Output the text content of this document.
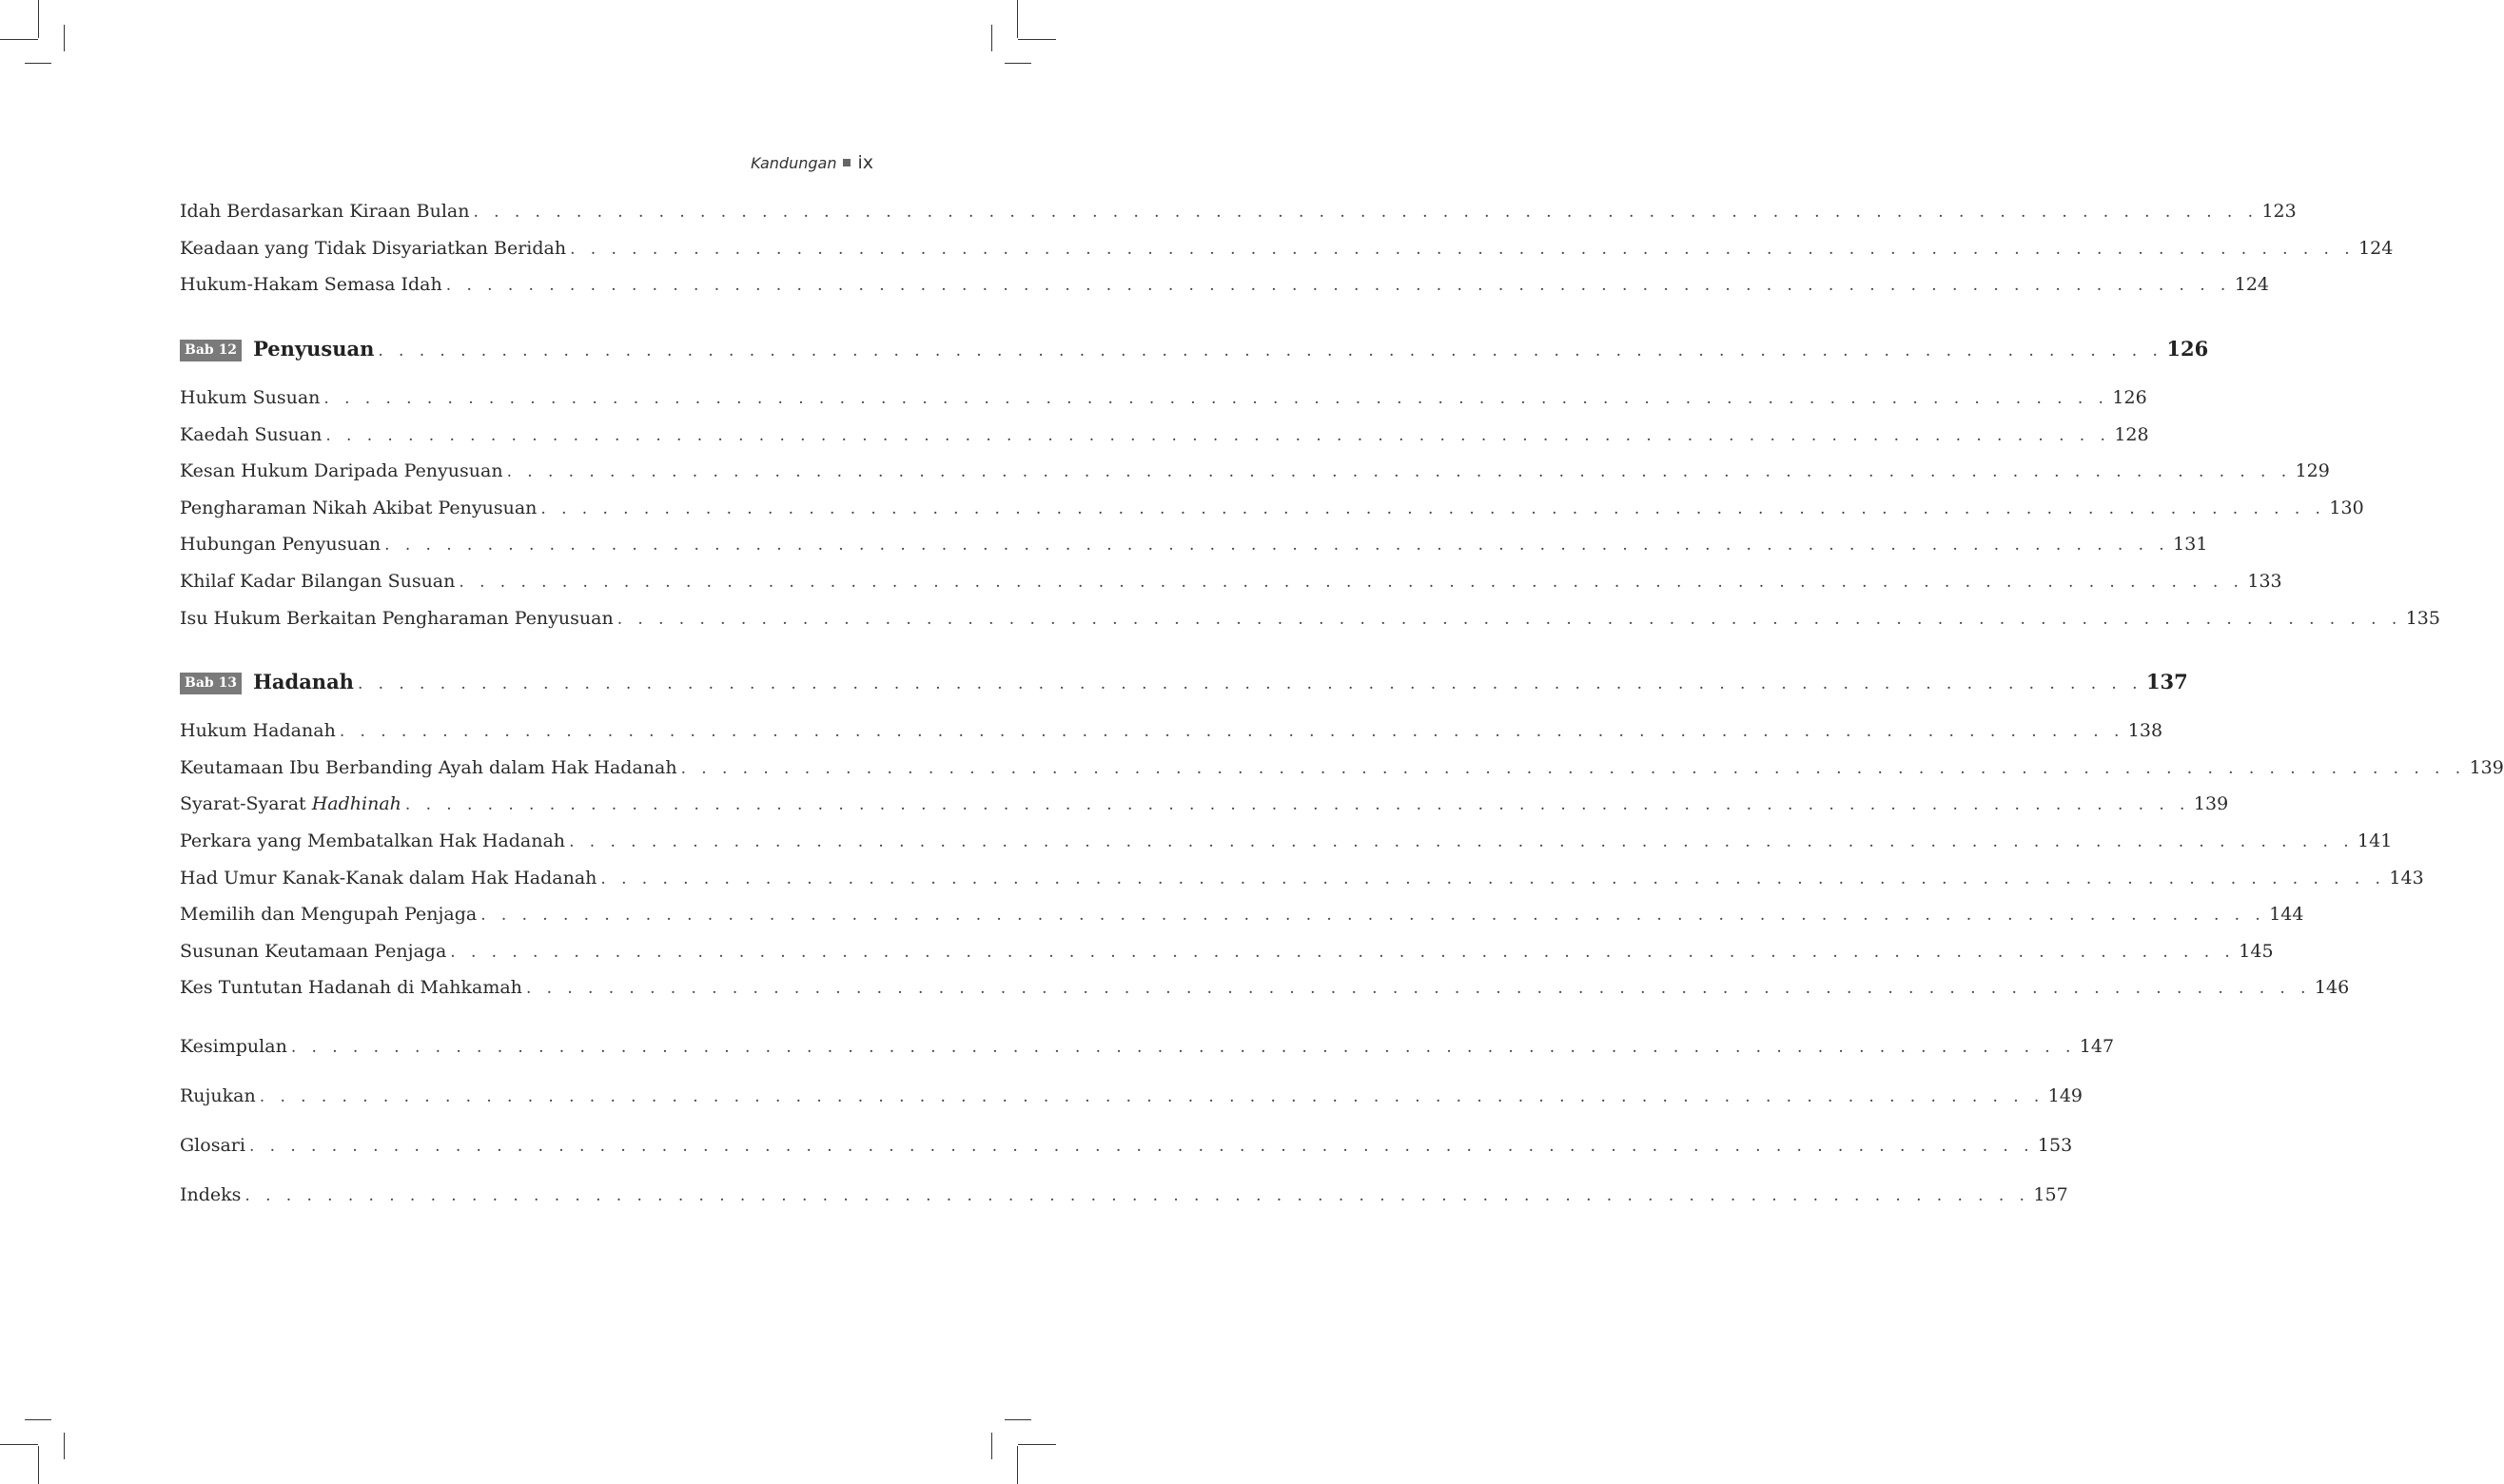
Kandungan ix
Idah Berdasarkan Kiraan Bulan . . . . . . . . . . . . . . . . . . . . . . . . . . . . . . . . . . . . . . . . . . . . . . . . . . . . . . . . . . . . . . . . . . . . . . . . . . . . . . . . . . . . . . . 123
Keadaan yang Tidak Disyariatkan Beridah . . . . . . . . . . . . . . . . . . . . . . . . . . . . . . . . . . . . . . . . . . . . . . . . . . . . . . . . . . . . . . . . . . . . . . . . . . . . . . . . . . . . . . . 124
Hukum-Hakam Semasa Idah . . . . . . . . . . . . . . . . . . . . . . . . . . . . . . . . . . . . . . . . . . . . . . . . . . . . . . . . . . . . . . . . . . . . . . . . . . . . . . . . . . . . . . . 124
Bab 12 Penyusuan . . . . . . . . . . . . . . . . . . . . . . . . . . . . . . . . . . . . . . . . . . . . . . . . . . . . . . . . . . . . . . . . . . . . . . . . . . . . . . . . . . . . . . . 126
Hukum Susuan . . . . . . . . . . . . . . . . . . . . . . . . . . . . . . . . . . . . . . . . . . . . . . . . . . . . . . . . . . . . . . . . . . . . . . . . . . . . . . . . . . . . . . . 126
Kaedah Susuan . . . . . . . . . . . . . . . . . . . . . . . . . . . . . . . . . . . . . . . . . . . . . . . . . . . . . . . . . . . . . . . . . . . . . . . . . . . . . . . . . . . . . . . 128
Kesan Hukum Daripada Penyusuan . . . . . . . . . . . . . . . . . . . . . . . . . . . . . . . . . . . . . . . . . . . . . . . . . . . . . . . . . . . . . . . . . . . . . . . . . . . . . . . . . . . . . . . 129
Pengharaman Nikah Akibat Penyusuan . . . . . . . . . . . . . . . . . . . . . . . . . . . . . . . . . . . . . . . . . . . . . . . . . . . . . . . . . . . . . . . . . . . . . . . . . . . . . . . . . . . . . . . 130
Hubungan Penyusuan . . . . . . . . . . . . . . . . . . . . . . . . . . . . . . . . . . . . . . . . . . . . . . . . . . . . . . . . . . . . . . . . . . . . . . . . . . . . . . . . . . . . . . . 131
Khilaf Kadar Bilangan Susuan . . . . . . . . . . . . . . . . . . . . . . . . . . . . . . . . . . . . . . . . . . . . . . . . . . . . . . . . . . . . . . . . . . . . . . . . . . . . . . . . . . . . . . . 133
Isu Hukum Berkaitan Pengharaman Penyusuan . . . . . . . . . . . . . . . . . . . . . . . . . . . . . . . . . . . . . . . . . . . . . . . . . . . . . . . . . . . . . . . . . . . . . . . . . . . . . . . . . . . . . . . 135
Bab 13 Hadanah . . . . . . . . . . . . . . . . . . . . . . . . . . . . . . . . . . . . . . . . . . . . . . . . . . . . . . . . . . . . . . . . . . . . . . . . . . . . . . . . . . . . . . . 137
Hukum Hadanah . . . . . . . . . . . . . . . . . . . . . . . . . . . . . . . . . . . . . . . . . . . . . . . . . . . . . . . . . . . . . . . . . . . . . . . . . . . . . . . . . . . . . . . 138
Keutamaan Ibu Berbanding Ayah dalam Hak Hadanah . . . . . . . . . . . . . . . . . . . . . . . . . . . . . . . . . . . . . . . . . . . . . . . . . . . . . . . . . . . . . . . . . . . . . . . . . . . . . . . . . . . . . . . 139
Syarat-Syarat Hadhinah . . . . . . . . . . . . . . . . . . . . . . . . . . . . . . . . . . . . . . . . . . . . . . . . . . . . . . . . . . . . . . . . . . . . . . . . . . . . . . . . . . . . . . . 139
Perkara yang Membatalkan Hak Hadanah . . . . . . . . . . . . . . . . . . . . . . . . . . . . . . . . . . . . . . . . . . . . . . . . . . . . . . . . . . . . . . . . . . . . . . . . . . . . . . . . . . . . . . . 141
Had Umur Kanak-Kanak dalam Hak Hadanah . . . . . . . . . . . . . . . . . . . . . . . . . . . . . . . . . . . . . . . . . . . . . . . . . . . . . . . . . . . . . . . . . . . . . . . . . . . . . . . . . . . . . . . 143
Memilih dan Mengupah Penjaga . . . . . . . . . . . . . . . . . . . . . . . . . . . . . . . . . . . . . . . . . . . . . . . . . . . . . . . . . . . . . . . . . . . . . . . . . . . . . . . . . . . . . . . 144
Susunan Keutamaan Penjaga . . . . . . . . . . . . . . . . . . . . . . . . . . . . . . . . . . . . . . . . . . . . . . . . . . . . . . . . . . . . . . . . . . . . . . . . . . . . . . . . . . . . . . . 145
Kes Tuntutan Hadanah di Mahkamah . . . . . . . . . . . . . . . . . . . . . . . . . . . . . . . . . . . . . . . . . . . . . . . . . . . . . . . . . . . . . . . . . . . . . . . . . . . . . . . . . . . . . . . 146
Kesimpulan . . . . . . . . . . . . . . . . . . . . . . . . . . . . . . . . . . . . . . . . . . . . . . . . . . . . . . . . . . . . . . . . . . . . . . . . . . . . . . . . . . . . . . . 147
Rujukan . . . . . . . . . . . . . . . . . . . . . . . . . . . . . . . . . . . . . . . . . . . . . . . . . . . . . . . . . . . . . . . . . . . . . . . . . . . . . . . . . . . . . . . 149
Glosari . . . . . . . . . . . . . . . . . . . . . . . . . . . . . . . . . . . . . . . . . . . . . . . . . . . . . . . . . . . . . . . . . . . . . . . . . . . . . . . . . . . . . . . 153
Indeks . . . . . . . . . . . . . . . . . . . . . . . . . . . . . . . . . . . . . . . . . . . . . . . . . . . . . . . . . . . . . . . . . . . . . . . . . . . . . . . . . . . . . . . 157
